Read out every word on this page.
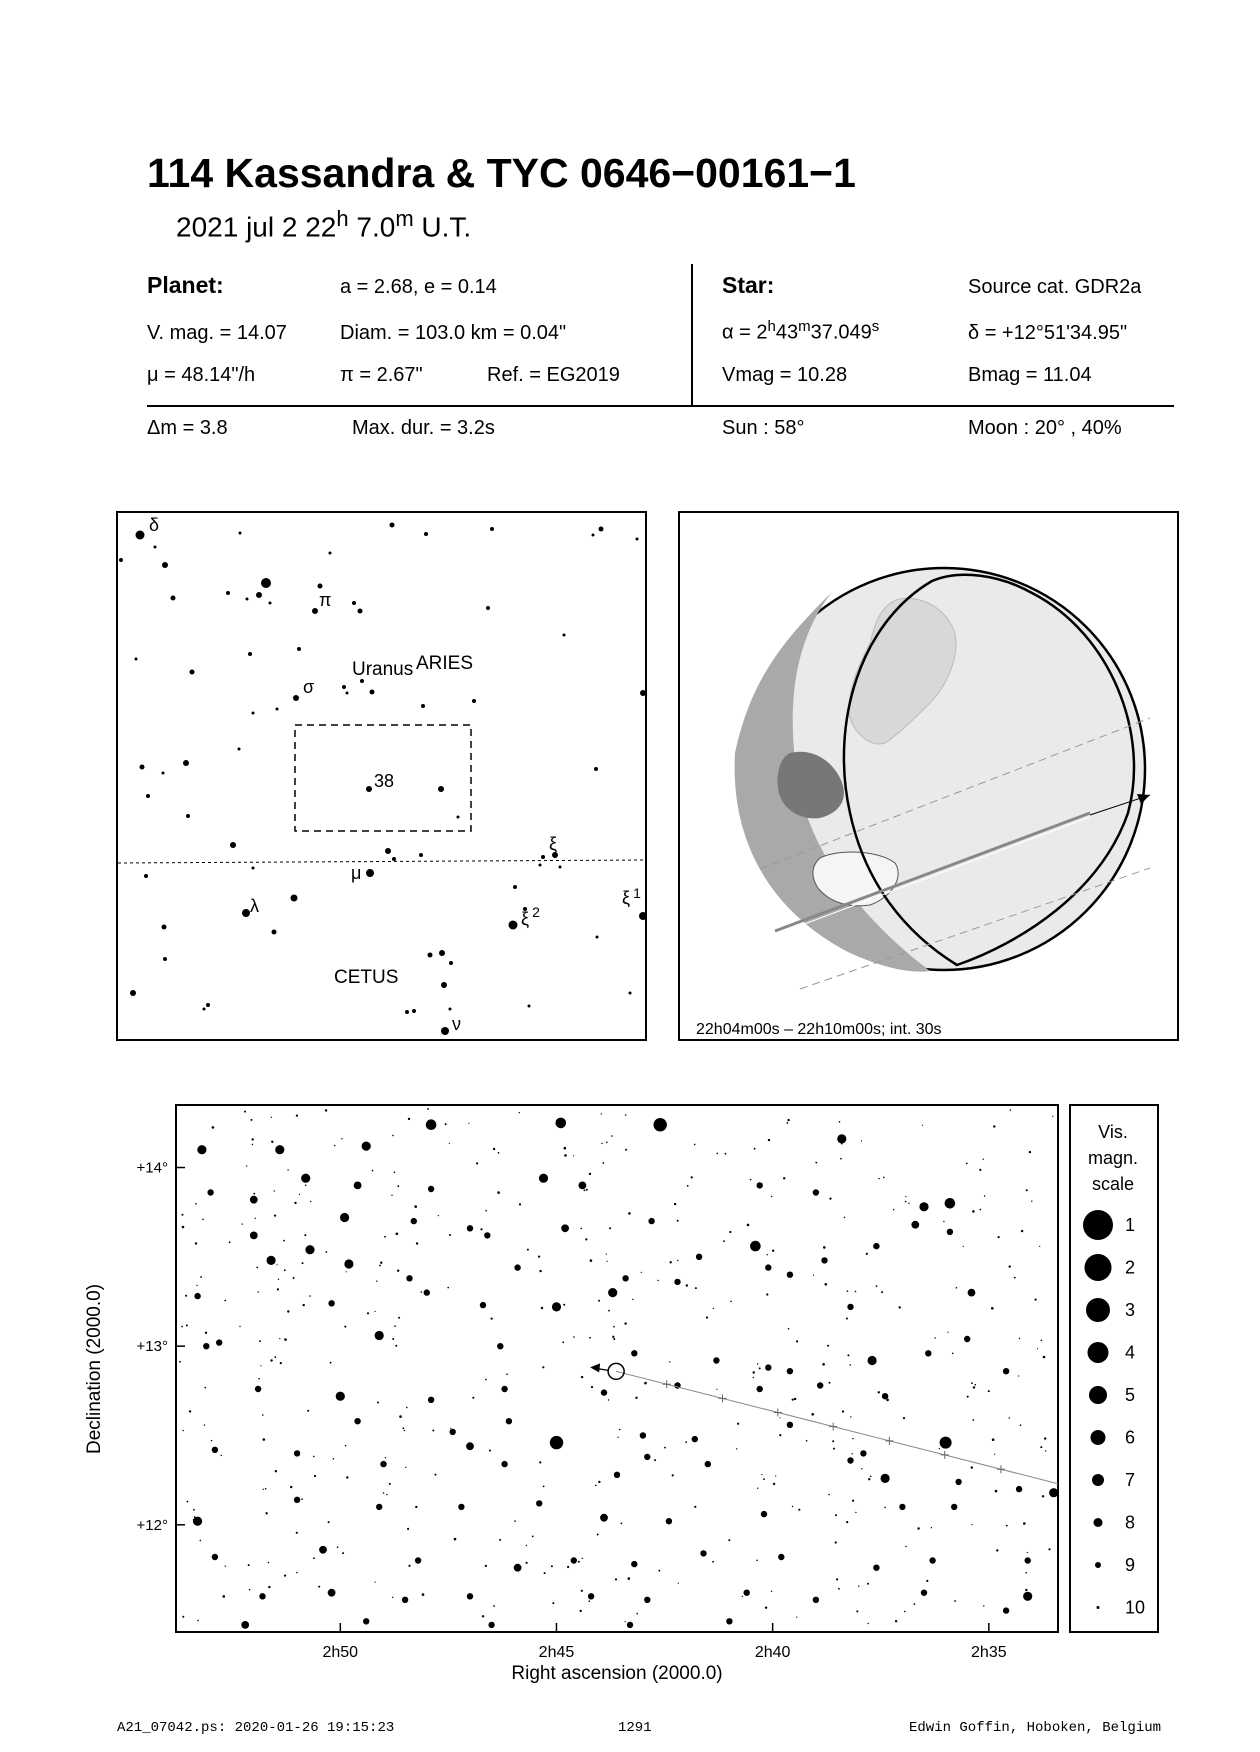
114 Kassandra & TYC 0646−00161−1
2021 jul 2 22$^h$ 7.0$^m$ U.T.
Planet:	a = 2.68, e = 0.14
V. mag. = 14.07	Diam. = 103.0 km = 0.04"
μ = 48.14"/h	π = 2.67"	Ref. = EG2019
Star:	Source cat. GDR2a
$\alpha = 2^h43^m37.049^s$	δ = +12°51'34.95"
Vmag = 10.28	Bmag = 11.04
Δm = 3.8	Max. dur. = 3.2s	Sun : 58°	Moon : 20° , 40%
δ
π
σ
Uranus ARIES
38
ξ
μ
λ
ξ $^2$
ξ $^1$
CETUS
ν	22h04m00s – 22h10m00s; int. 30s
2h50	2h45	2h40	2h35
+14°
+13°
+12°
Right ascension (2000.0)
Declination (2000.0)
Vis.
magn.
scale
1
2
3
4
5
6
7
8
9
10
A21_07042.ps: 2020-01-26 19:15:23	1291	Edwin Goffin, Hoboken, Belgium
